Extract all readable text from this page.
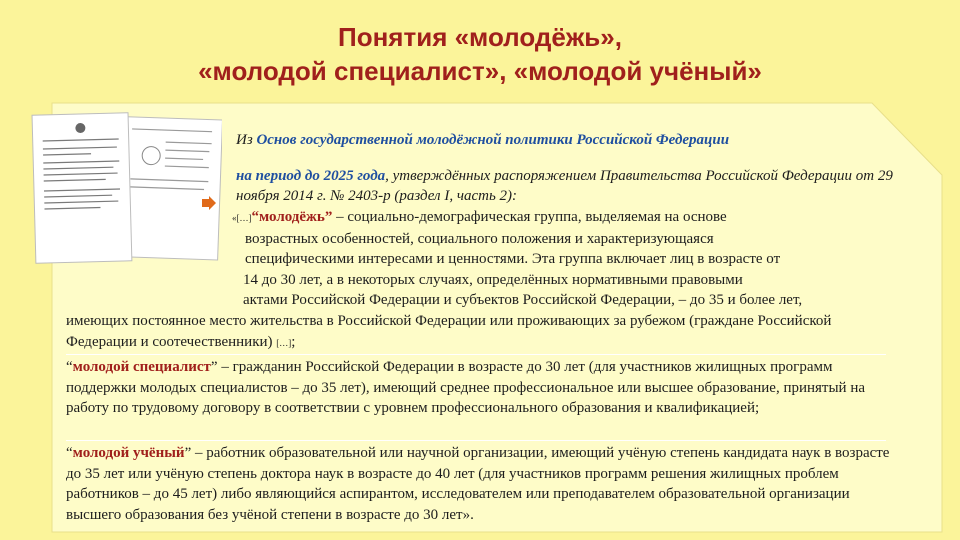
Понятия «молодёжь»,
«молодой специалист», «молодой учёный»

Из Основ государственной молодёжной политики Российской Федерации

на период до 2025 года, утверждённых распоряжением Правительства Российской Федерации от 29 ноября 2014 г. № 2403-р (раздел I, часть 2):

«[…]“молодёжь” – социально-демографическая группа, выделяемая на основе
возрастных особенностей, социального положения и характеризующаяся
специфическими интересами и ценностями. Эта группа включает лиц в возрасте от
14 до 30 лет, а в некоторых случаях, определённых нормативными правовыми
актами Российской Федерации и субъектов Российской Федерации, – до 35 и более лет,
имеющих постоянное место жительства в Российской Федерации или проживающих за рубежом (граждане Российской Федерации и соотечественники) […];
“молодой специалист” – гражданин Российской Федерации в возрасте до 30 лет (для участников жилищных программ поддержки молодых специалистов – до 35 лет), имеющий среднее профессиональное или высшее образование, принятый на работу по трудовому договору в соответствии с уровнем профессионального образования и квалификацией;
“молодой учёный” – работник образовательной или научной организации, имеющий учёную степень кандидата наук в возрасте до 35 лет или учёную степень доктора наук в возрасте до 40 лет (для участников программ решения жилищных проблем работников – до 45 лет) либо являющийся аспирантом, исследователем или преподавателем образовательной организации высшего образования без учёной степени в возрасте до 30 лет».
